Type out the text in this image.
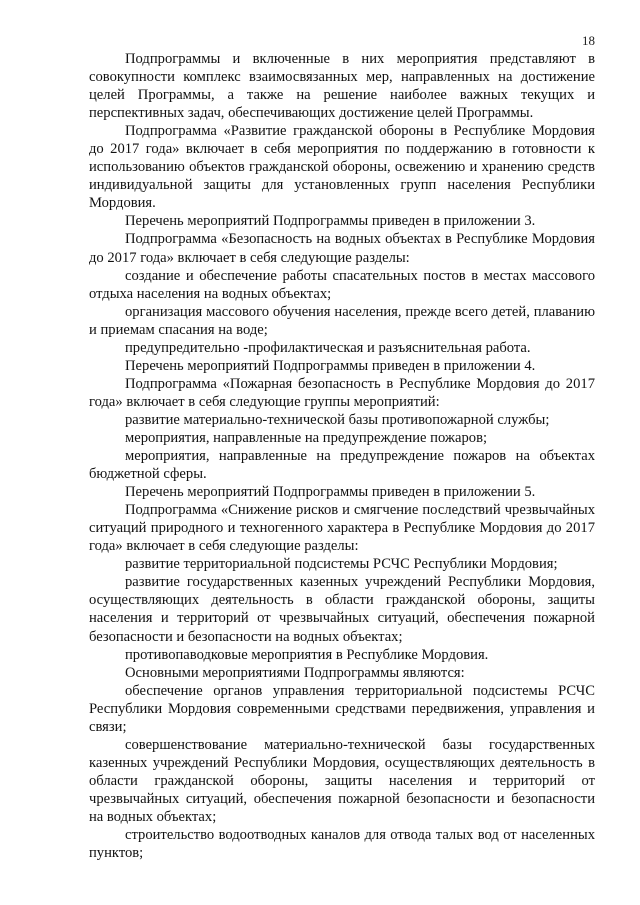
18

Подпрограммы и включенные в них мероприятия представляют в совокупности комплекс взаимосвязанных мер, направленных на достижение целей Программы, а также на решение наиболее важных текущих и перспективных задач, обеспечивающих достижение целей Программы.

Подпрограмма «Развитие гражданской обороны в Республике Мордовия до 2017 года» включает в себя мероприятия по поддержанию в готовности к использованию объектов гражданской обороны, освежению и хранению средств индивидуальной защиты для установленных групп населения Республики Мордовия.

Перечень мероприятий Подпрограммы приведен в приложении 3.

Подпрограмма «Безопасность на водных объектах в Республике Мордовия до 2017 года» включает в себя следующие разделы:

создание и обеспечение работы спасательных постов в местах массового отдыха населения на водных объектах;

организация массового обучения населения, прежде всего детей, плаванию и приемам спасания на воде;

предупредительно -профилактическая и разъяснительная работа.

Перечень мероприятий Подпрограммы приведен в приложении 4.

Подпрограмма «Пожарная безопасность в Республике Мордовия до 2017 года» включает в себя следующие группы мероприятий:

развитие материально-технической базы противопожарной службы;

мероприятия, направленные на предупреждение пожаров;

мероприятия, направленные на предупреждение пожаров на объектах бюджетной сферы.

Перечень мероприятий Подпрограммы приведен в приложении 5.

Подпрограмма «Снижение рисков и смягчение последствий чрезвычайных ситуаций природного и техногенного характера в Республике Мордовия до 2017 года» включает в себя следующие разделы:

развитие территориальной подсистемы РСЧС Республики Мордовия;

развитие государственных казенных учреждений Республики Мордовия, осуществляющих деятельность в области гражданской обороны, защиты населения и территорий от чрезвычайных ситуаций, обеспечения пожарной безопасности и безопасности на водных объектах;

противопаводковые мероприятия в Республике Мордовия.

Основными мероприятиями Подпрограммы являются:

обеспечение органов управления территориальной подсистемы РСЧС Республики Мордовия современными средствами передвижения, управления и связи;

совершенствование материально-технической базы государственных казенных учреждений Республики Мордовия, осуществляющих деятельность в области гражданской обороны, защиты населения и территорий от чрезвычайных ситуаций, обеспечения пожарной безопасности и безопасности на водных объектах;

строительство водоотводных каналов для отвода талых вод от населенных пунктов;
